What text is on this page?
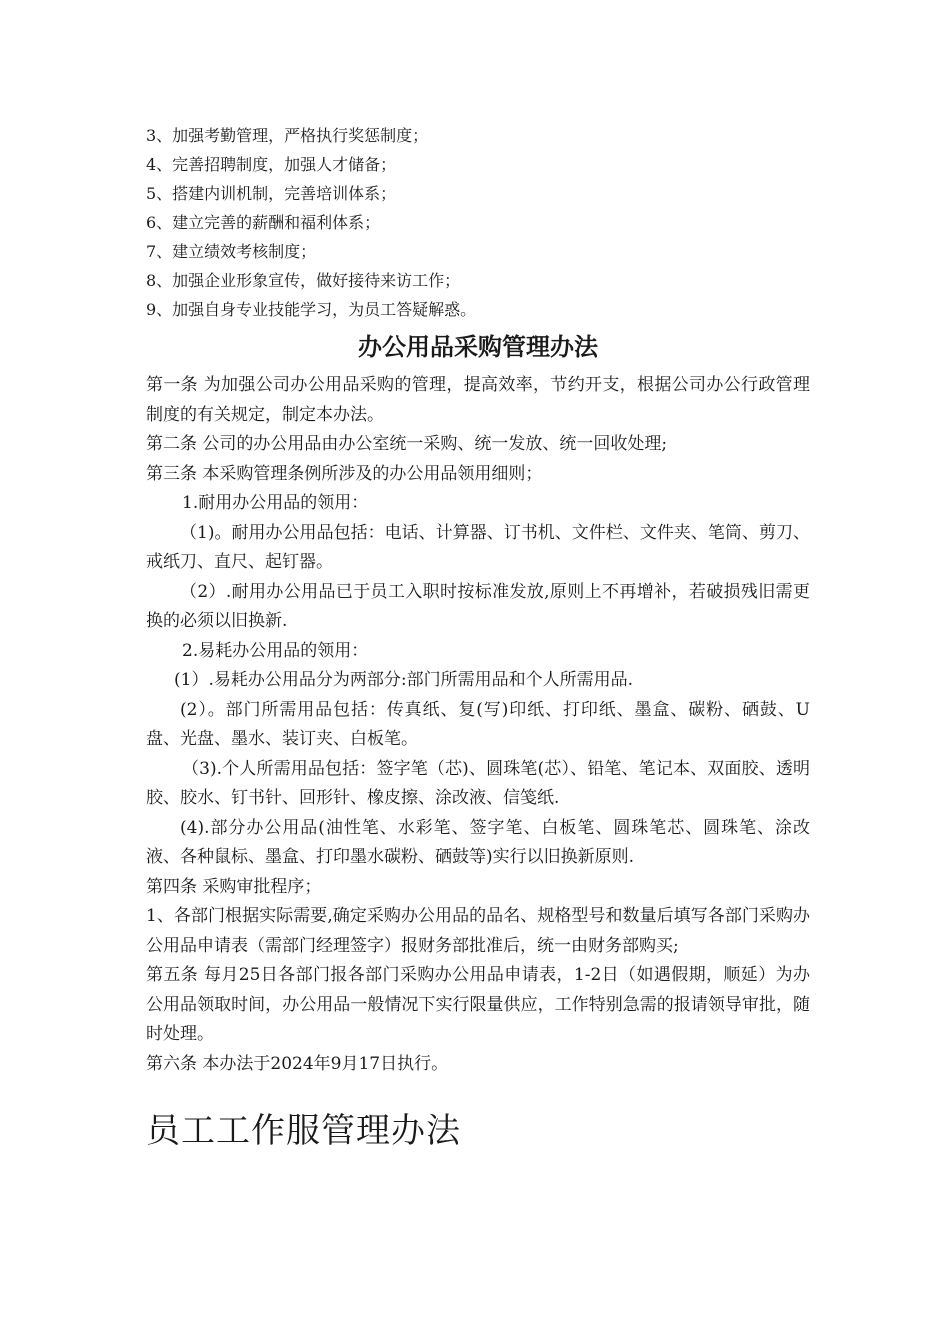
3、加强考勤管理，严格执行奖惩制度；
4、完善招聘制度，加强人才储备；
5、搭建内训机制，完善培训体系；
6、建立完善的薪酬和福利体系；
7、建立绩效考核制度；
8、加强企业形象宣传，做好接待来访工作；
9、加强自身专业技能学习，为员工答疑解惑。
办公用品采购管理办法

第一条 为加强公司办公用品采购的管理，提高效率，节约开支，根据公司办公行政管理制度的有关规定，制定本办法。

第二条 公司的办公用品由办公室统一采购、统一发放、统一回收处理;

第三条 本采购管理条例所涉及的办公用品领用细则；

1.耐用办公用品的领用：

（1)。耐用办公用品包括：电话、计算器、订书机、文件栏、文件夹、笔筒、剪刀、戒纸刀、直尺、起钉器。

（2）.耐用办公用品已于员工入职时按标准发放,原则上不再增补，若破损残旧需更换的必须以旧换新.

2.易耗办公用品的领用：

(1）.易耗办公用品分为两部分:部门所需用品和个人所需用品.

(2）。部门所需用品包括：传真纸、复(写)印纸、打印纸、墨盒、碳粉、硒鼓、U盘、光盘、墨水、装订夹、白板笔。

（3).个人所需用品包括：签字笔（芯)、圆珠笔(芯）、铅笔、笔记本、双面胶、透明胶、胶水、钉书针、回形针、橡皮擦、涂改液、信笺纸.

(4).部分办公用品(油性笔、水彩笔、签字笔、白板笔、圆珠笔芯、圆珠笔、涂改液、各种鼠标、墨盒、打印墨水碳粉、硒鼓等)实行以旧换新原则.

第四条 采购审批程序；

1、各部门根据实际需要,确定采购办公用品的品名、规格型号和数量后填写各部门采购办公用品申请表（需部门经理签字）报财务部批准后，统一由财务部购买;

第五条 每月25日各部门报各部门采购办公用品申请表，1-2日（如遇假期，顺延）为办公用品领取时间，办公用品一般情况下实行限量供应，工作特别急需的报请领导审批，随时处理。

第六条 本办法于2024年9月17日执行。

员工工作服管理办法
